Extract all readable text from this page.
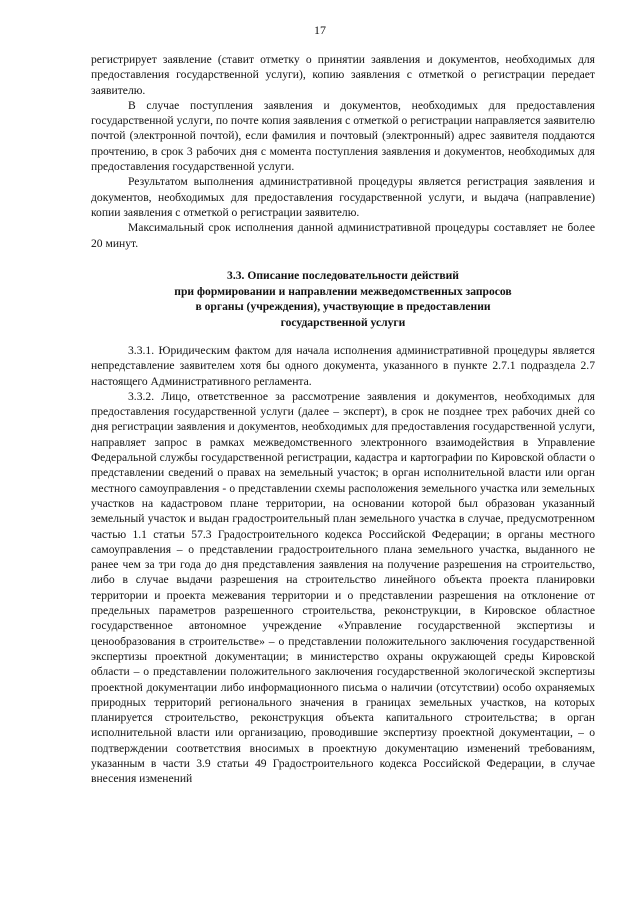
17

регистрирует заявление (ставит отметку о принятии заявления и документов, необходимых для предоставления государственной услуги), копию заявления с отметкой о регистрации передает заявителю.

В случае поступления заявления и документов, необходимых для предоставления государственной услуги, по почте копия заявления с отметкой о регистрации направляется заявителю почтой (электронной почтой), если фамилия и почтовый (электронный) адрес заявителя поддаются прочтению, в срок 3 рабочих дня с момента поступления заявления и документов, необходимых для предоставления государственной услуги.

Результатом выполнения административной процедуры является регистрация заявления и документов, необходимых для предоставления государственной услуги, и выдача (направление) копии заявления с отметкой о регистрации заявителю.

Максимальный срок исполнения данной административной процедуры составляет не более 20 минут.

3.3. Описание последовательности действий

при формировании и направлении межведомственных запросов

в органы (учреждения), участвующие в предоставлении

государственной услуги

3.3.1. Юридическим фактом для начала исполнения административной процедуры является непредставление заявителем хотя бы одного документа, указанного в пункте 2.7.1 подраздела 2.7 настоящего Административного регламента.

3.3.2. Лицо, ответственное за рассмотрение заявления и документов, необходимых для предоставления государственной услуги (далее – эксперт), в срок не позднее трех рабочих дней со дня регистрации заявления и документов, необходимых для предоставления государственной услуги, направляет запрос в рамках межведомственного электронного взаимодействия в Управление Федеральной службы государственной регистрации, кадастра и картографии по Кировской области о представлении сведений о правах на земельный участок; в орган исполнительной власти или орган местного самоуправления - о представлении схемы расположения земельного участка или земельных участков на кадастровом плане территории, на основании которой был образован указанный земельный участок и выдан градостроительный план земельного участка в случае, предусмотренном частью 1.1 статьи 57.3 Градостроительного кодекса Российской Федерации; в органы местного самоуправления – о представлении градостроительного плана земельного участка, выданного не ранее чем за три года до дня представления заявления на получение разрешения на строительство, либо в случае выдачи разрешения на строительство линейного объекта проекта планировки территории и проекта межевания территории и о представлении разрешения на отклонение от предельных параметров разрешенного строительства, реконструкции, в Кировское областное государственное автономное учреждение «Управление государственной экспертизы и ценообразования в строительстве» – о представлении положительного заключения государственной экспертизы проектной документации; в министерство охраны окружающей среды Кировской области – о представлении положительного заключения государственной экологической экспертизы проектной документации либо информационного письма о наличии (отсутствии) особо охраняемых природных территорий регионального значения в границах земельных участков, на которых планируется строительство, реконструкция объекта капитального строительства; в орган исполнительной власти или организацию, проводившие экспертизу проектной документации, – о подтверждении соответствия вносимых в проектную документацию изменений требованиям, указанным в части 3.9 статьи 49 Градостроительного кодекса Российской Федерации, в случае внесения изменений
